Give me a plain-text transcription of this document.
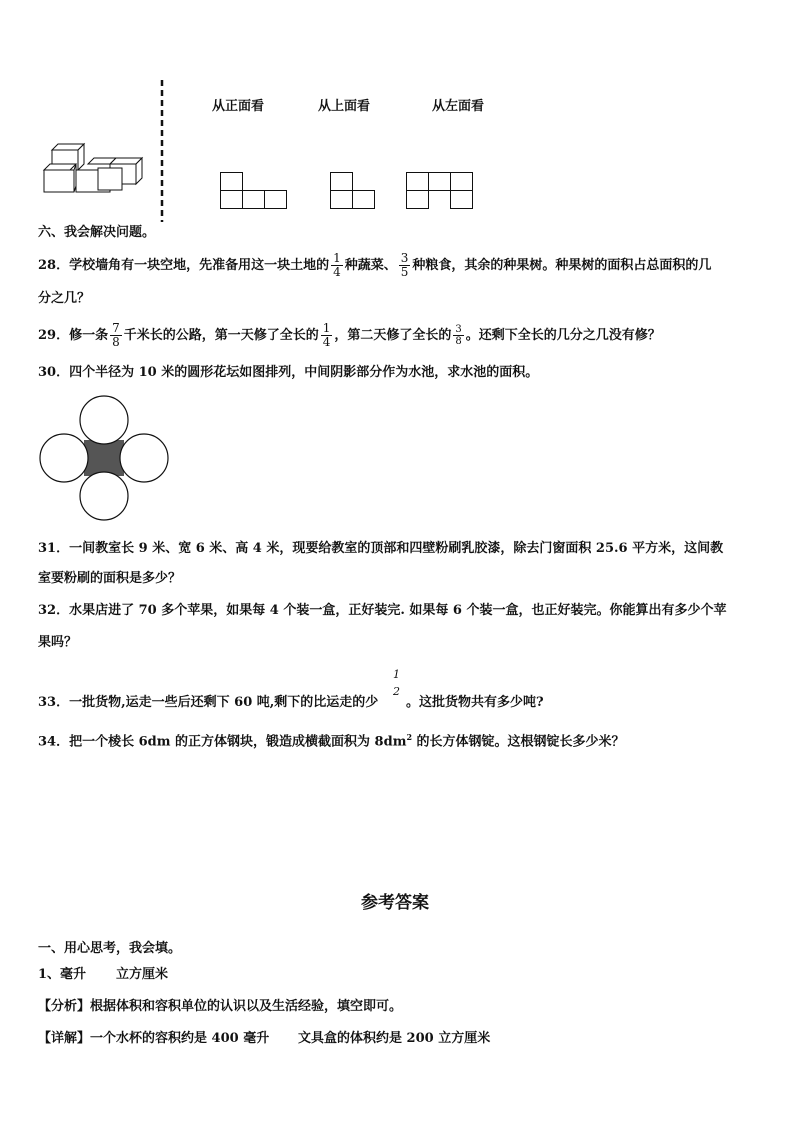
从正面看	从上面看	从左面看
六、我会解决问题。
28．学校墙角有一块空地，先准备用这一块土地的 $\frac{1}{4}$ 种蔬菜、 $\frac{3}{5}$ 种粮食，其余的种果树。种果树的面积占总面积的几
分之几？
29．修一条 $\frac{7}{8}$ 千米长的公路，第一天修了全长的 $\frac{1}{4}$ ，第二天修了全长的 $\frac{3}{8}$ 。还剩下全长的几分之几没有修？
30．四个半径为 10 米的圆形花坛如图排列，中间阴影部分作为水池，求水池的面积。
31．一间教室长 9 米、宽 6 米、高 4 米，现要给教室的顶部和四壁粉刷乳胶漆，除去门窗面积 25.6 平方米，这间教
室要粉刷的面积是多少？
32．水果店进了 70 多个苹果，如果每 4 个装一盒，正好装完. 如果每 6 个装一盒，也正好装完。你能算出有多少个苹
果吗？
33．一批货物,运走一些后还剩下 60 吨,剩下的比运走的少
1
2
。这批货物共有多少吨?
34．把一个棱长 6dm 的正方体钢块，锻造成横截面积为 $8dm^2$ 的长方体钢锭。这根钢锭长多少米？
参考答案
一、用心思考，我会填。
1、毫升 立方厘米
【分析】根据体积和容积单位的认识以及生活经验，填空即可。
【详解】一个水杯的容积约是 400 毫升 文具盒的体积约是 200 立方厘米
